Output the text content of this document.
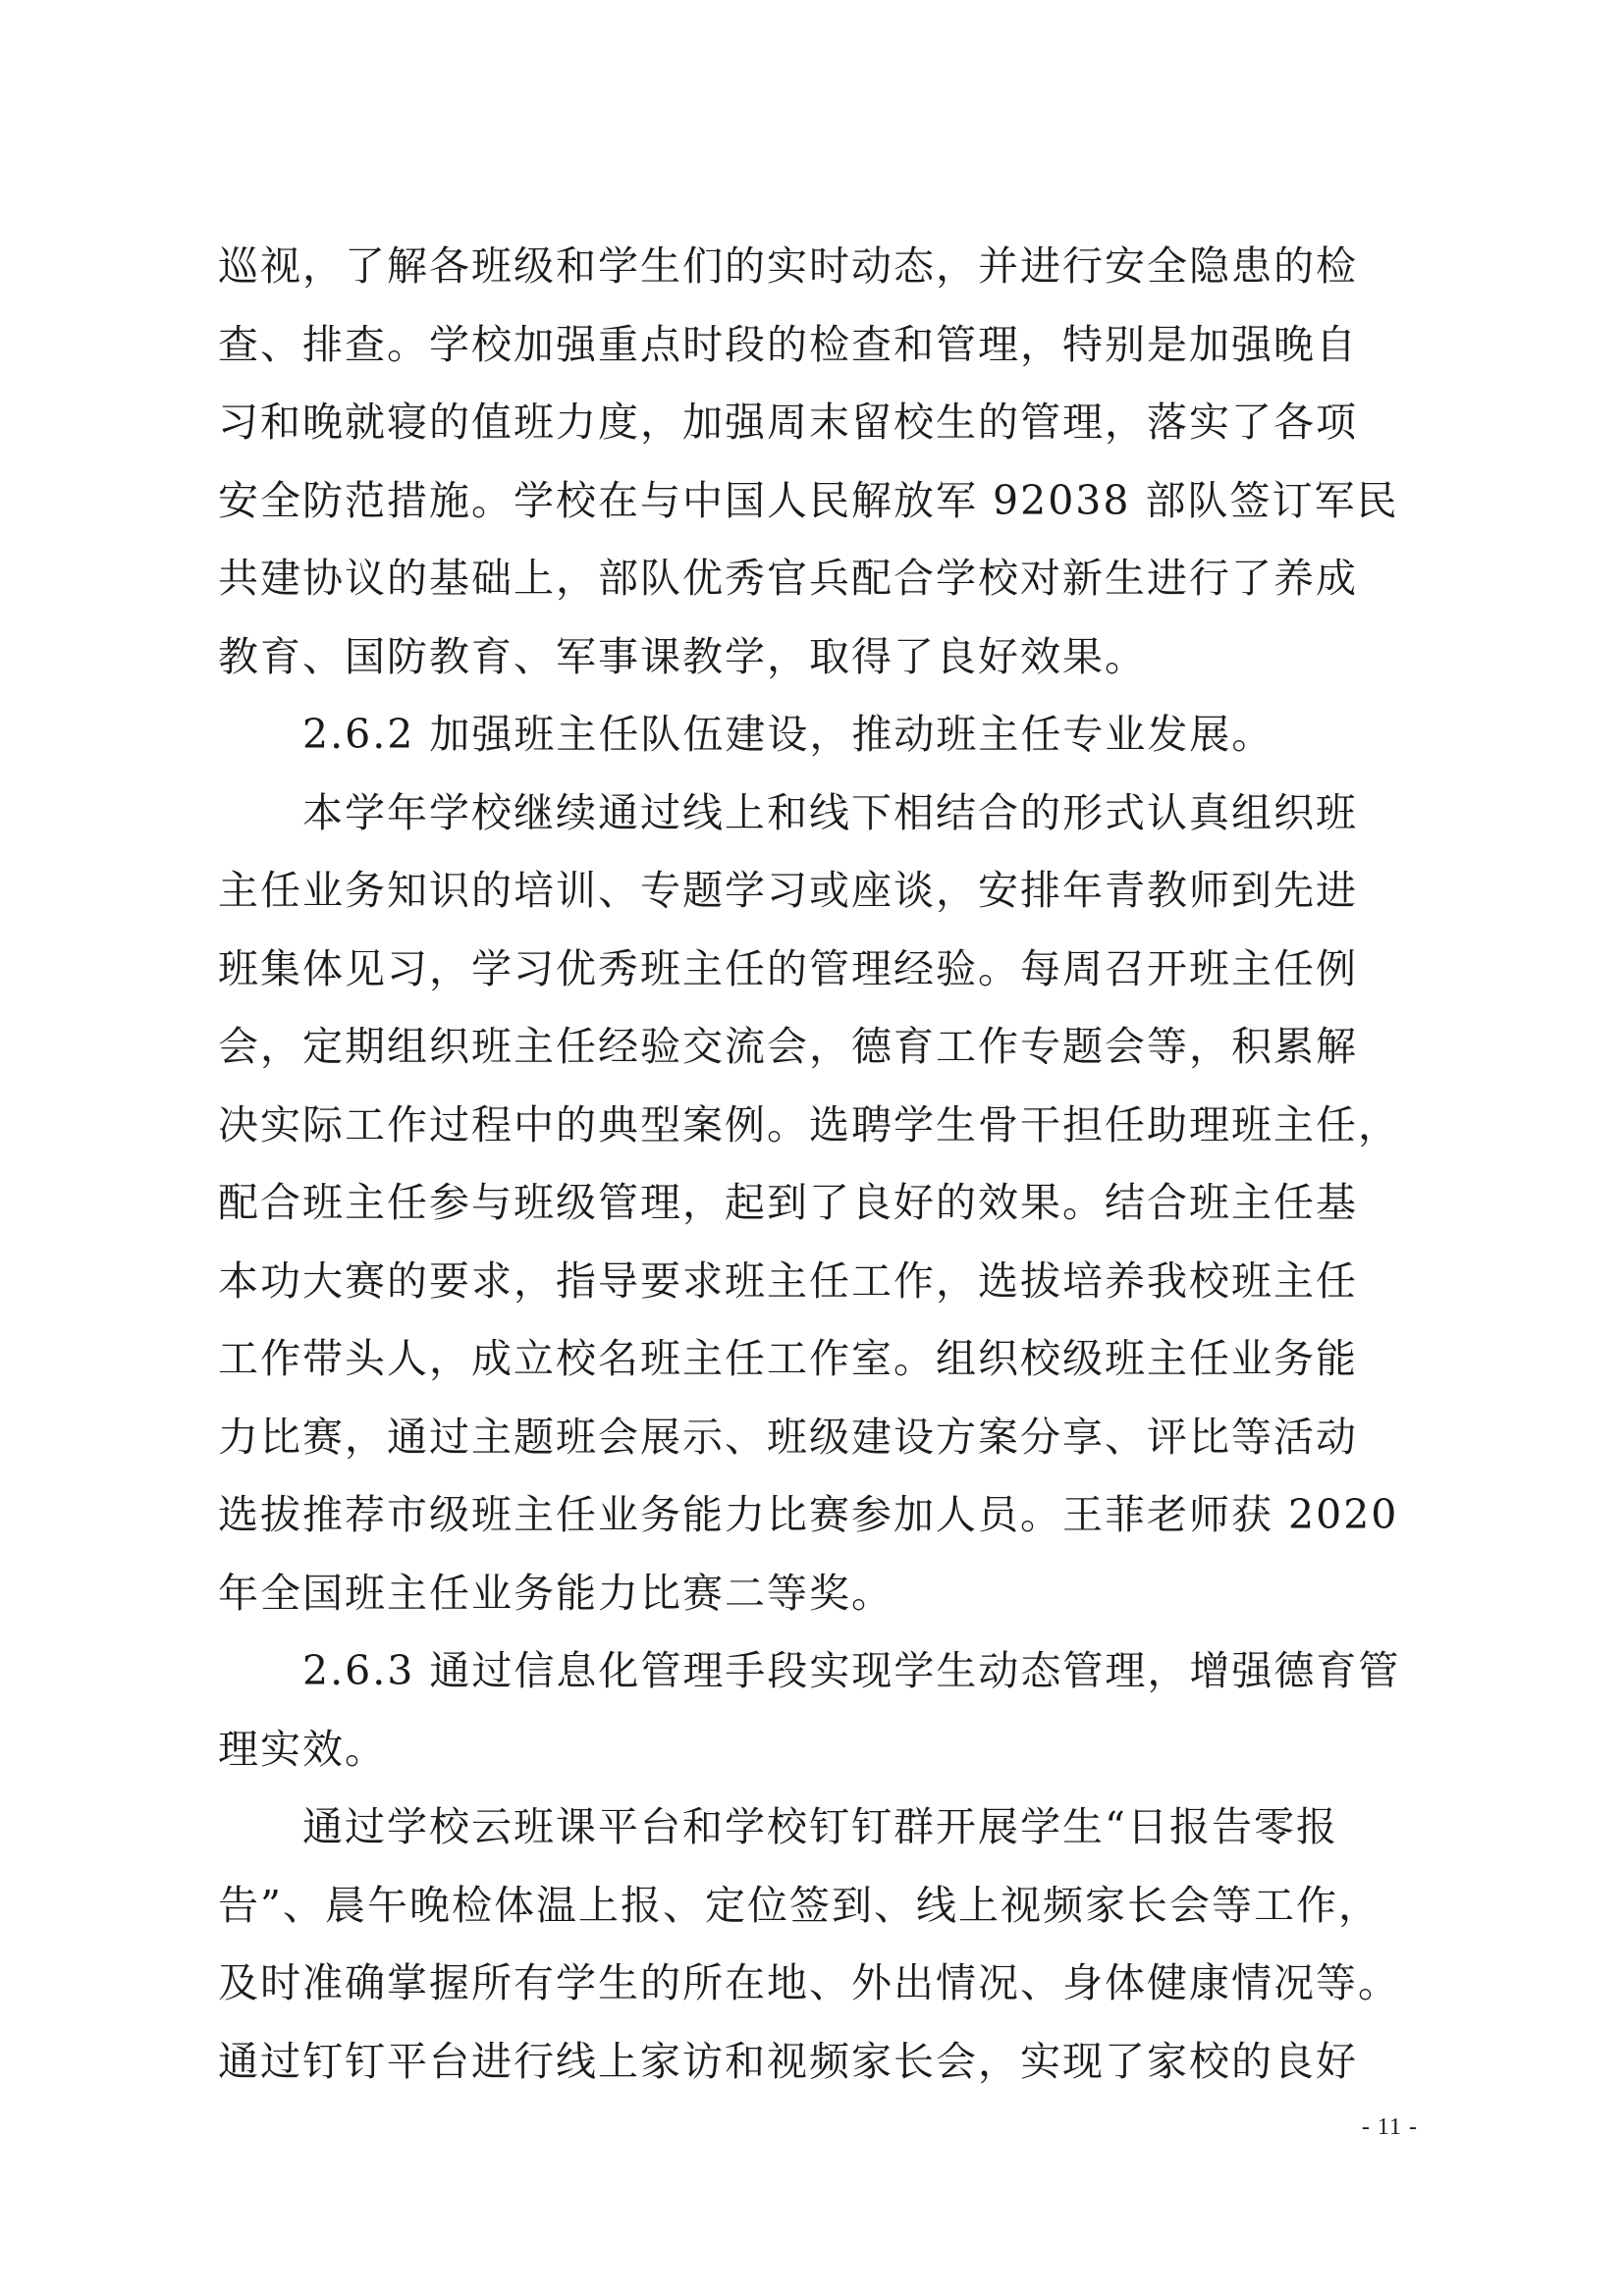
巡视，了解各班级和学生们的实时动态，并进行安全隐患的检
查、排查。学校加强重点时段的检查和管理，特别是加强晚自
习和晚就寝的值班力度，加强周末留校生的管理，落实了各项
安全防范措施。学校在与中国人民解放军 92038 部队签订军民
共建协议的基础上，部队优秀官兵配合学校对新生进行了养成
教育、国防教育、军事课教学，取得了良好效果。
　　2.6.2 加强班主任队伍建设，推动班主任专业发展。
　　本学年学校继续通过线上和线下相结合的形式认真组织班
主任业务知识的培训、专题学习或座谈，安排年青教师到先进
班集体见习，学习优秀班主任的管理经验。每周召开班主任例
会，定期组织班主任经验交流会，德育工作专题会等，积累解
决实际工作过程中的典型案例。选聘学生骨干担任助理班主任，
配合班主任参与班级管理，起到了良好的效果。结合班主任基
本功大赛的要求，指导要求班主任工作，选拔培养我校班主任
工作带头人，成立校名班主任工作室。组织校级班主任业务能
力比赛，通过主题班会展示、班级建设方案分享、评比等活动
选拔推荐市级班主任业务能力比赛参加人员。王菲老师获 2020
年全国班主任业务能力比赛二等奖。
　　2.6.3 通过信息化管理手段实现学生动态管理，增强德育管
理实效。
　　通过学校云班课平台和学校钉钉群开展学生“日报告零报
告”、晨午晚检体温上报、定位签到、线上视频家长会等工作，
及时准确掌握所有学生的所在地、外出情况、身体健康情况等。
通过钉钉平台进行线上家访和视频家长会，实现了家校的良好
- 11 -
